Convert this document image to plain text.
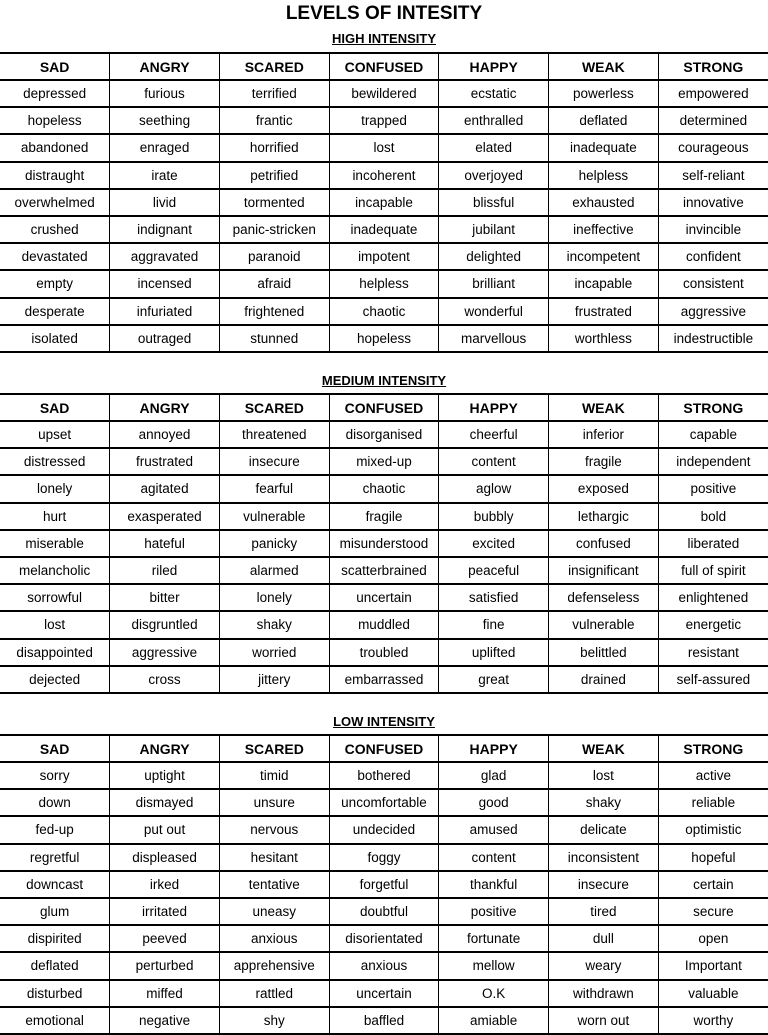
LEVELS OF INTESITY
HIGH INTENSITY
SAD	ANGRY	SCARED	CONFUSED	HAPPY	WEAK	STRONG
depressed	furious	terrified	bewildered	ecstatic	powerless	empowered
hopeless	seething	frantic	trapped	enthralled	deflated	determined
abandoned	enraged	horrified	lost	elated	inadequate	courageous
distraught	irate	petrified	incoherent	overjoyed	helpless	self-reliant
overwhelmed	livid	tormented	incapable	blissful	exhausted	innovative
crushed	indignant	panic-stricken	inadequate	jubilant	ineffective	invincible
devastated	aggravated	paranoid	impotent	delighted	incompetent	confident
empty	incensed	afraid	helpless	brilliant	incapable	consistent
desperate	infuriated	frightened	chaotic	wonderful	frustrated	aggressive
isolated	outraged	stunned	hopeless	marvellous	worthless	indestructible
MEDIUM INTENSITY
SAD	ANGRY	SCARED	CONFUSED	HAPPY	WEAK	STRONG
upset	annoyed	threatened	disorganised	cheerful	inferior	capable
distressed	frustrated	insecure	mixed-up	content	fragile	independent
lonely	agitated	fearful	chaotic	aglow	exposed	positive
hurt	exasperated	vulnerable	fragile	bubbly	lethargic	bold
miserable	hateful	panicky	misunderstood	excited	confused	liberated
melancholic	riled	alarmed	scatterbrained	peaceful	insignificant	full of spirit
sorrowful	bitter	lonely	uncertain	satisfied	defenseless	enlightened
lost	disgruntled	shaky	muddled	fine	vulnerable	energetic
disappointed	aggressive	worried	troubled	uplifted	belittled	resistant
dejected	cross	jittery	embarrassed	great	drained	self-assured
LOW INTENSITY
SAD	ANGRY	SCARED	CONFUSED	HAPPY	WEAK	STRONG
sorry	uptight	timid	bothered	glad	lost	active
down	dismayed	unsure	uncomfortable	good	shaky	reliable
fed-up	put out	nervous	undecided	amused	delicate	optimistic
regretful	displeased	hesitant	foggy	content	inconsistent	hopeful
downcast	irked	tentative	forgetful	thankful	insecure	certain
glum	irritated	uneasy	doubtful	positive	tired	secure
dispirited	peeved	anxious	disorientated	fortunate	dull	open
deflated	perturbed	apprehensive	anxious	mellow	weary	Important
disturbed	miffed	rattled	uncertain	O.K	withdrawn	valuable
emotional	negative	shy	baffled	amiable	worn out	worthy
